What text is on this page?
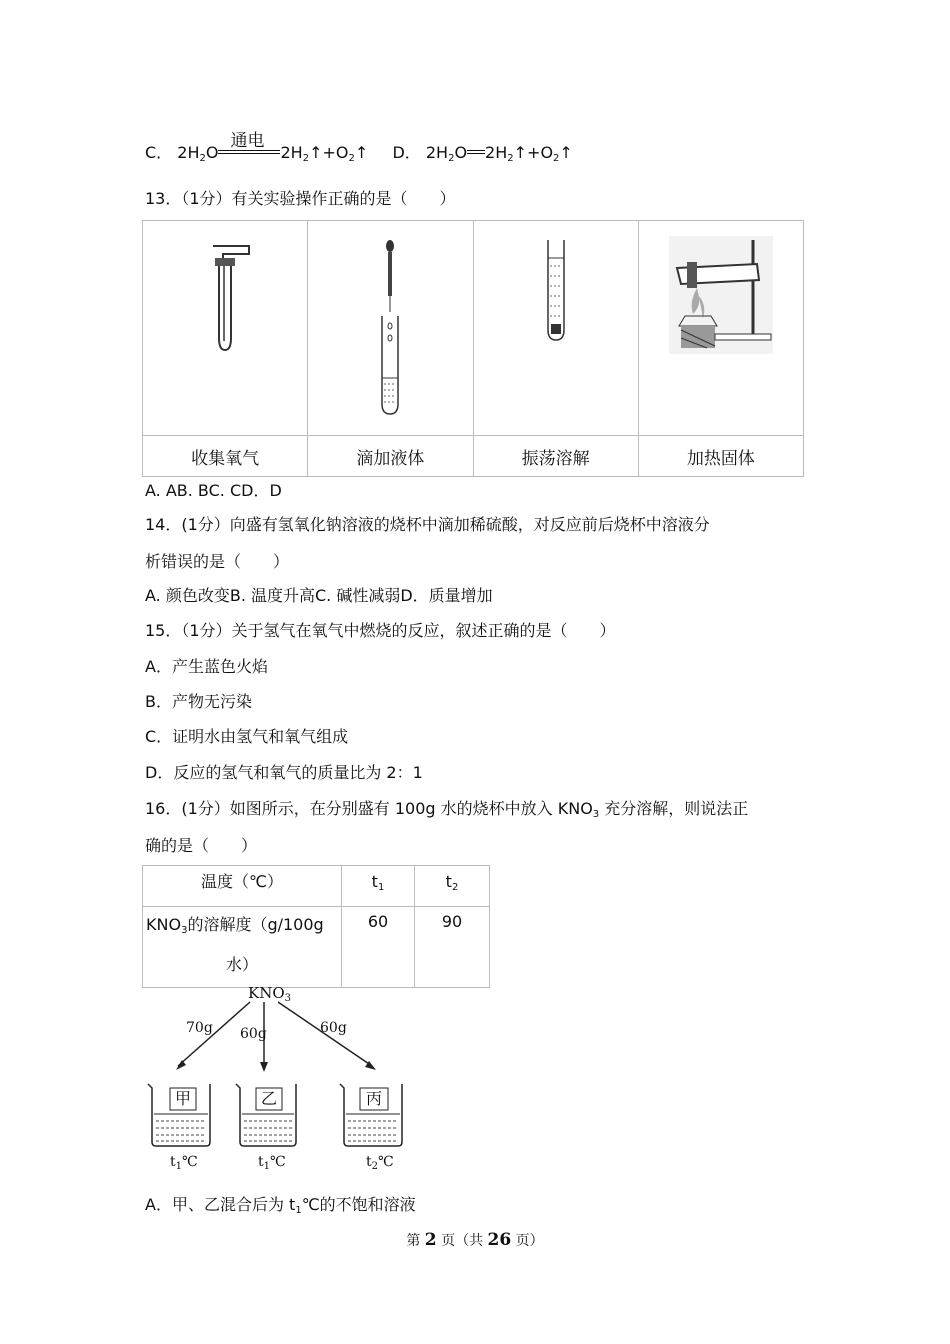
C． $2H_2O$
通电
$2H_2↑+O_2↑$ D． $2H_2O$ $2H_2↑+O_2↑$
13．（1分）有关实验操作正确的是（　　）

收集氧气	滴加液体	振荡溶解	加热固体
A. AB. BC. CD．D
14．(1分）向盛有氢氧化钠溶液的烧杯中滴加稀硫酸，对反应前后烧杯中溶液分
析错误的是（　　）
A. 颜色改变B. 温度升高C. 碱性减弱D．质量增加
15．（1分）关于氢气在氧气中燃烧的反应，叙述正确的是（　　）
A．产生蓝色火焰
B．产物无污染
C．证明水由氢气和氧气组成
D．反应的氢气和氧气的质量比为 2：1
16．(1分）如图所示，在分别盛有 100g 水的烧杯中放入 $KNO_3$ 充分溶解，则说法正
确的是（　　）
温度（℃）	$t_1$	$t_2$

$KNO_3$的溶解度（g/100g
水）	60	90
$KNO_3$
70g 60g	60g
甲	乙	丙
$t_1℃$	$t_1℃$	$t_2℃$
A．甲、乙混合后为 $t_1℃$的不饱和溶液
第 2 页（共 26 页）
